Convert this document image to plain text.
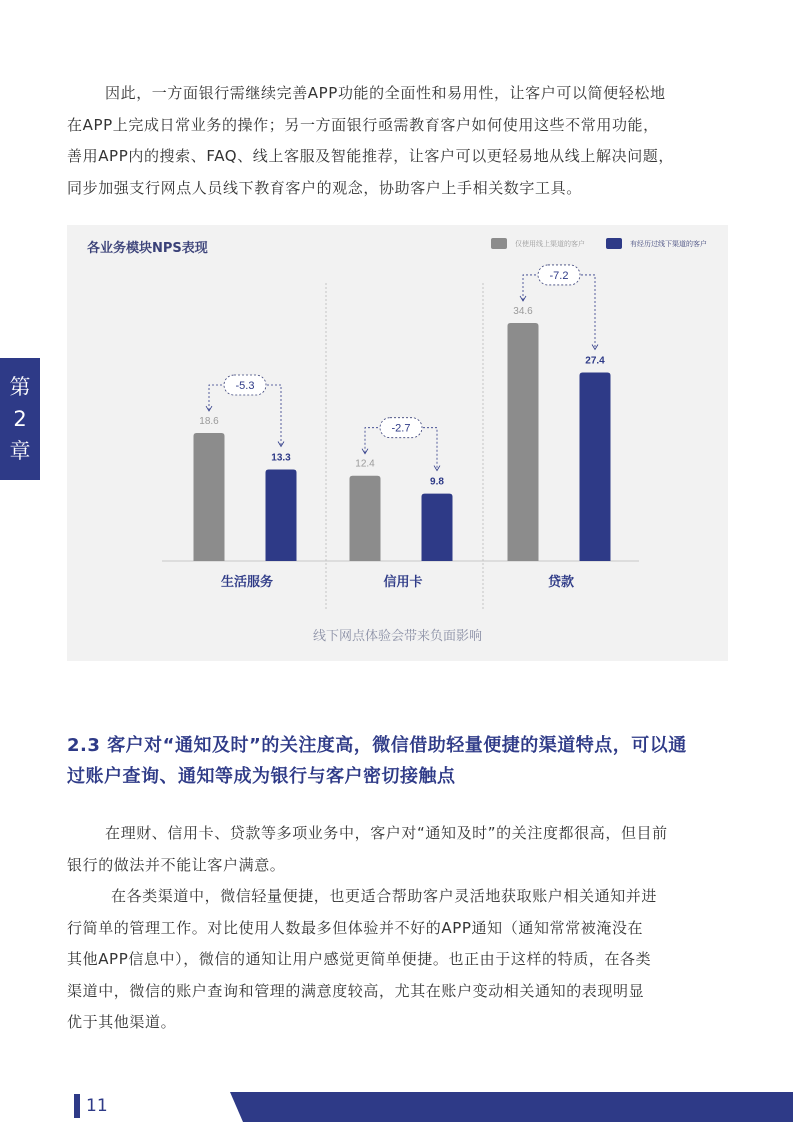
因此，一方面银行需继续完善APP功能的全面性和易用性，让客户可以简便轻松地

在APP上完成日常业务的操作；另一方面银行亟需教育客户如何使用这些不常用功能，

善用APP内的搜索、FAQ、线上客服及智能推荐，让客户可以更轻易地从线上解决问题，

同步加强支行网点人员线下教育客户的观念，协助客户上手相关数字工具。

第
2
章
18.6
13.3
-5.3
生活服务
12.4
9.8
-2.7
信用卡
34.6
27.4
-7.2
贷款
各业务模块NPS表现	仅使用线上渠道的客户	有经历过线下渠道的客户
线下网点体验会带来负面影响

2.3 客户对“通知及时”的关注度高，微信借助轻量便捷的渠道特点，可以通

过账户查询、通知等成为银行与客户密切接触点

在理财、信用卡、贷款等多项业务中，客户对“通知及时”的关注度都很高，但目前

银行的做法并不能让客户满意。

在各类渠道中，微信轻量便捷，也更适合帮助客户灵活地获取账户相关通知并进

行简单的管理工作。对比使用人数最多但体验并不好的APP通知（通知常常被淹没在

其他APP信息中），微信的通知让用户感觉更简单便捷。也正由于这样的特质，在各类

渠道中，微信的账户查询和管理的满意度较高，尤其在账户变动相关通知的表现明显

优于其他渠道。

11
